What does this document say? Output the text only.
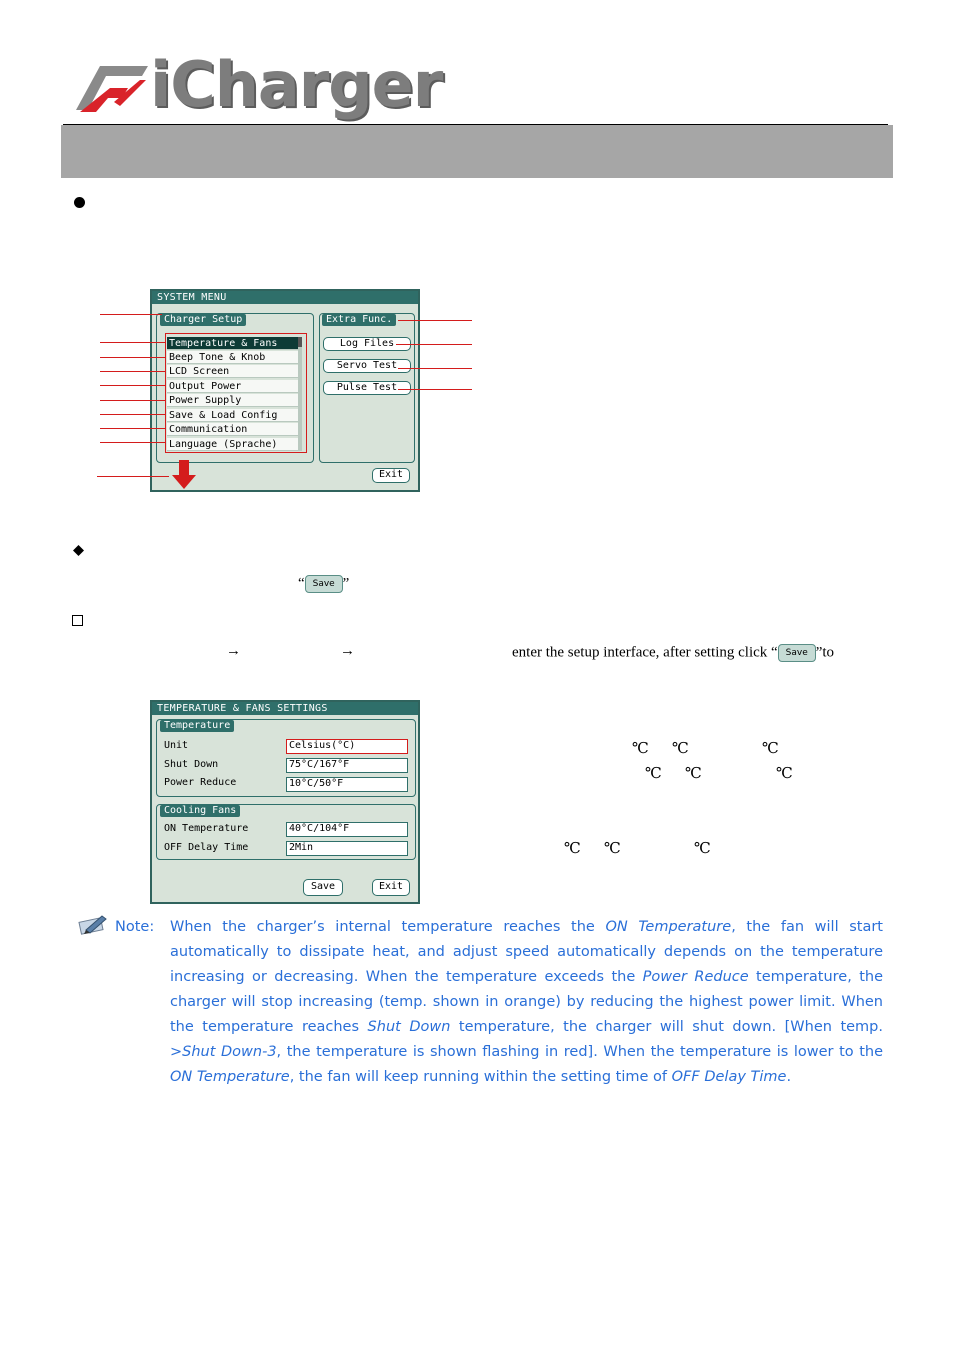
iCharger
SYSTEM MENU
Charger Setup
Temperature & Fans
Beep Tone & Knob
LCD Screen
Output Power
Power Supply
Save & Load Config
Communication
Language (Sprache)
Extra Func.
Log Files
Servo Test
Pulse Test
Exit
“ Save ”
→	→	enter the setup interface, after setting click “ Save ”to
TEMPERATURE & FANS SETTINGS
Temperature
Unit	Celsius(°C)
Shut Down	75°C/167°F
Power Reduce	10°C/50°F
Cooling Fans
ON Temperature	40°C/104°F
OFF Delay Time	2Min
Save	Exit
℃ ℃	℃
℃ ℃	℃
℃ ℃	℃
Note: When the charger’s internal temperature reaches the ON Temperature, the fan will start automatically to dissipate heat, and adjust speed automatically depends on the temperature increasing or decreasing. When the temperature exceeds the Power Reduce temperature, the charger will stop increasing (temp. shown in orange) by reducing the highest power limit. When the temperature reaches Shut Down temperature, the charger will shut down. [When temp. >Shut Down-3, the temperature is shown flashing in red]. When the temperature is lower to the ON Temperature, the fan will keep running within the setting time of OFF Delay Time.
